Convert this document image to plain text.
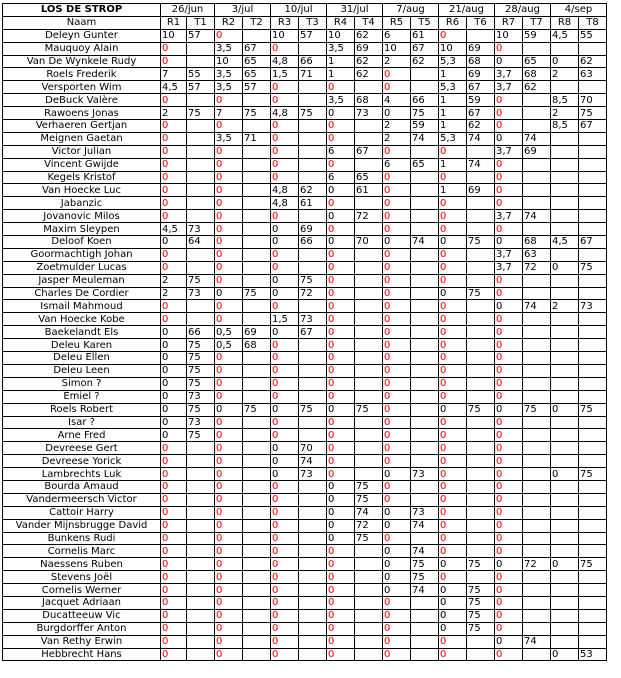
LOS DE STROP	26/jun		3/jul		10/jul		31/jul		7/aug		21/aug		28/aug		4/sep	
Naam	R1	T1	R2	T2	R3	T3	R4	T4	R5	T5	R6	T6	R7	T7	R8	T8
Deleyn Gunter	10	57	0		10	57	10	62	6	61	0		10	59	4,5	55
Mauquoy Alain	0		3,5	67	0		3,5	69	10	67	10	69	0			
Van De Wynkele Rudy	0		10	65	4,8	66	1	62	2	62	5,3	68	0	65	0	62
Roels Frederik	7	55	3,5	65	1,5	71	1	62	0		1	69	3,7	68	2	63
Versporten Wim	4,5	57	3,5	57	0		0		0		5,3	67	3,7	62		
DeBuck Valère	0		0		0		3,5	68	4	66	1	59	0		8,5	70
Rawoens Jonas	2	75	7	75	4,8	75	0	73	0	75	1	67	0		2	75
Verhaeren Gertjan	0		0		0		0		2	59	1	62	0		8,5	67
Meignen Gaetan	0		3,5	71	0		0		2	74	5,3	74	0	74		
Victor Julian	0		0		0		6	67	0		0		3,7	69		
Vincent Gwijde	0		0		0		0		6	65	1	74	0			
Kegels Kristof	0		0		0		6	65	0		0		0			
Van Hoecke Luc	0		0		4,8	62	0	61	0		1	69	0			
Jabanzic	0		0		4,8	61	0		0		0		0			
Jovanovic Milos	0		0		0		0	72	0		0		3,7	74		
Maxim Sleypen	4,5	73	0		0	69	0		0		0		0			
Deloof Koen	0	64	0		0	66	0	70	0	74	0	75	0	68	4,5	67
Goormachtigh Johan	0		0		0		0		0		0		3,7	63		
Zoetmulder Lucas	0		0		0		0		0		0		3,7	72	0	75
Jasper Meuleman	2	75	0		0	75	0		0		0		0			
Charles De Cordier	2	73	0	75	0	72	0		0		0	75	0			
Ismail Mahmoud	0		0		0		0		0		0		0	74	2	73
Van Hoecke Kobe	0		0		1,5	73	0		0		0		0			
Baekelandt Els	0	66	0,5	69	0	67	0		0		0		0			
Deleu Karen	0	75	0,5	68	0		0		0		0		0			
Deleu Ellen	0	75	0		0		0		0		0		0			
Deleu Leen	0	75	0		0		0		0		0		0			
Simon ?	0	75	0		0		0		0		0		0			
Emiel ?	0	73	0		0		0		0		0		0			
Roels Robert	0	75	0	75	0	75	0	75	0		0	75	0	75	0	75
Isar ?	0	73	0		0		0		0		0		0			
Arne Fred	0	75	0		0		0		0		0		0			
Devreese Gert	0		0		0	70	0		0		0		0			
Devreese Yorick	0		0		0	74	0		0		0		0			
Lambrechts Luk	0		0		0	73	0		0	73	0		0		0	75
Bourda Amaud	0		0		0		0	75	0		0		0			
Vandermeersch Victor	0		0		0		0	75	0		0		0			
Cattoir Harry	0		0		0		0	74	0	73	0		0			
Vander Mijnsbrugge David	0		0		0		0	72	0	74	0		0			
Bunkens Rudi	0		0		0		0	75	0		0		0			
Cornelis Marc	0		0		0		0		0	74	0		0			
Naessens Ruben	0		0		0		0		0	75	0	75	0	72	0	75
Stevens Joël	0		0		0		0		0	75	0		0			
Cornelis Werner	0		0		0		0		0	74	0	75	0			
Jacquet Adriaan	0		0		0		0		0		0	75	0			
Ducatteeuw Vic	0		0		0		0		0		0	75	0			
Burgdorffer Anton	0		0		0		0		0		0	75	0			
Van Rethy Erwin	0		0		0		0		0		0		0	74		
Hebbrecht Hans	0		0		0		0		0		0		0		0	53
